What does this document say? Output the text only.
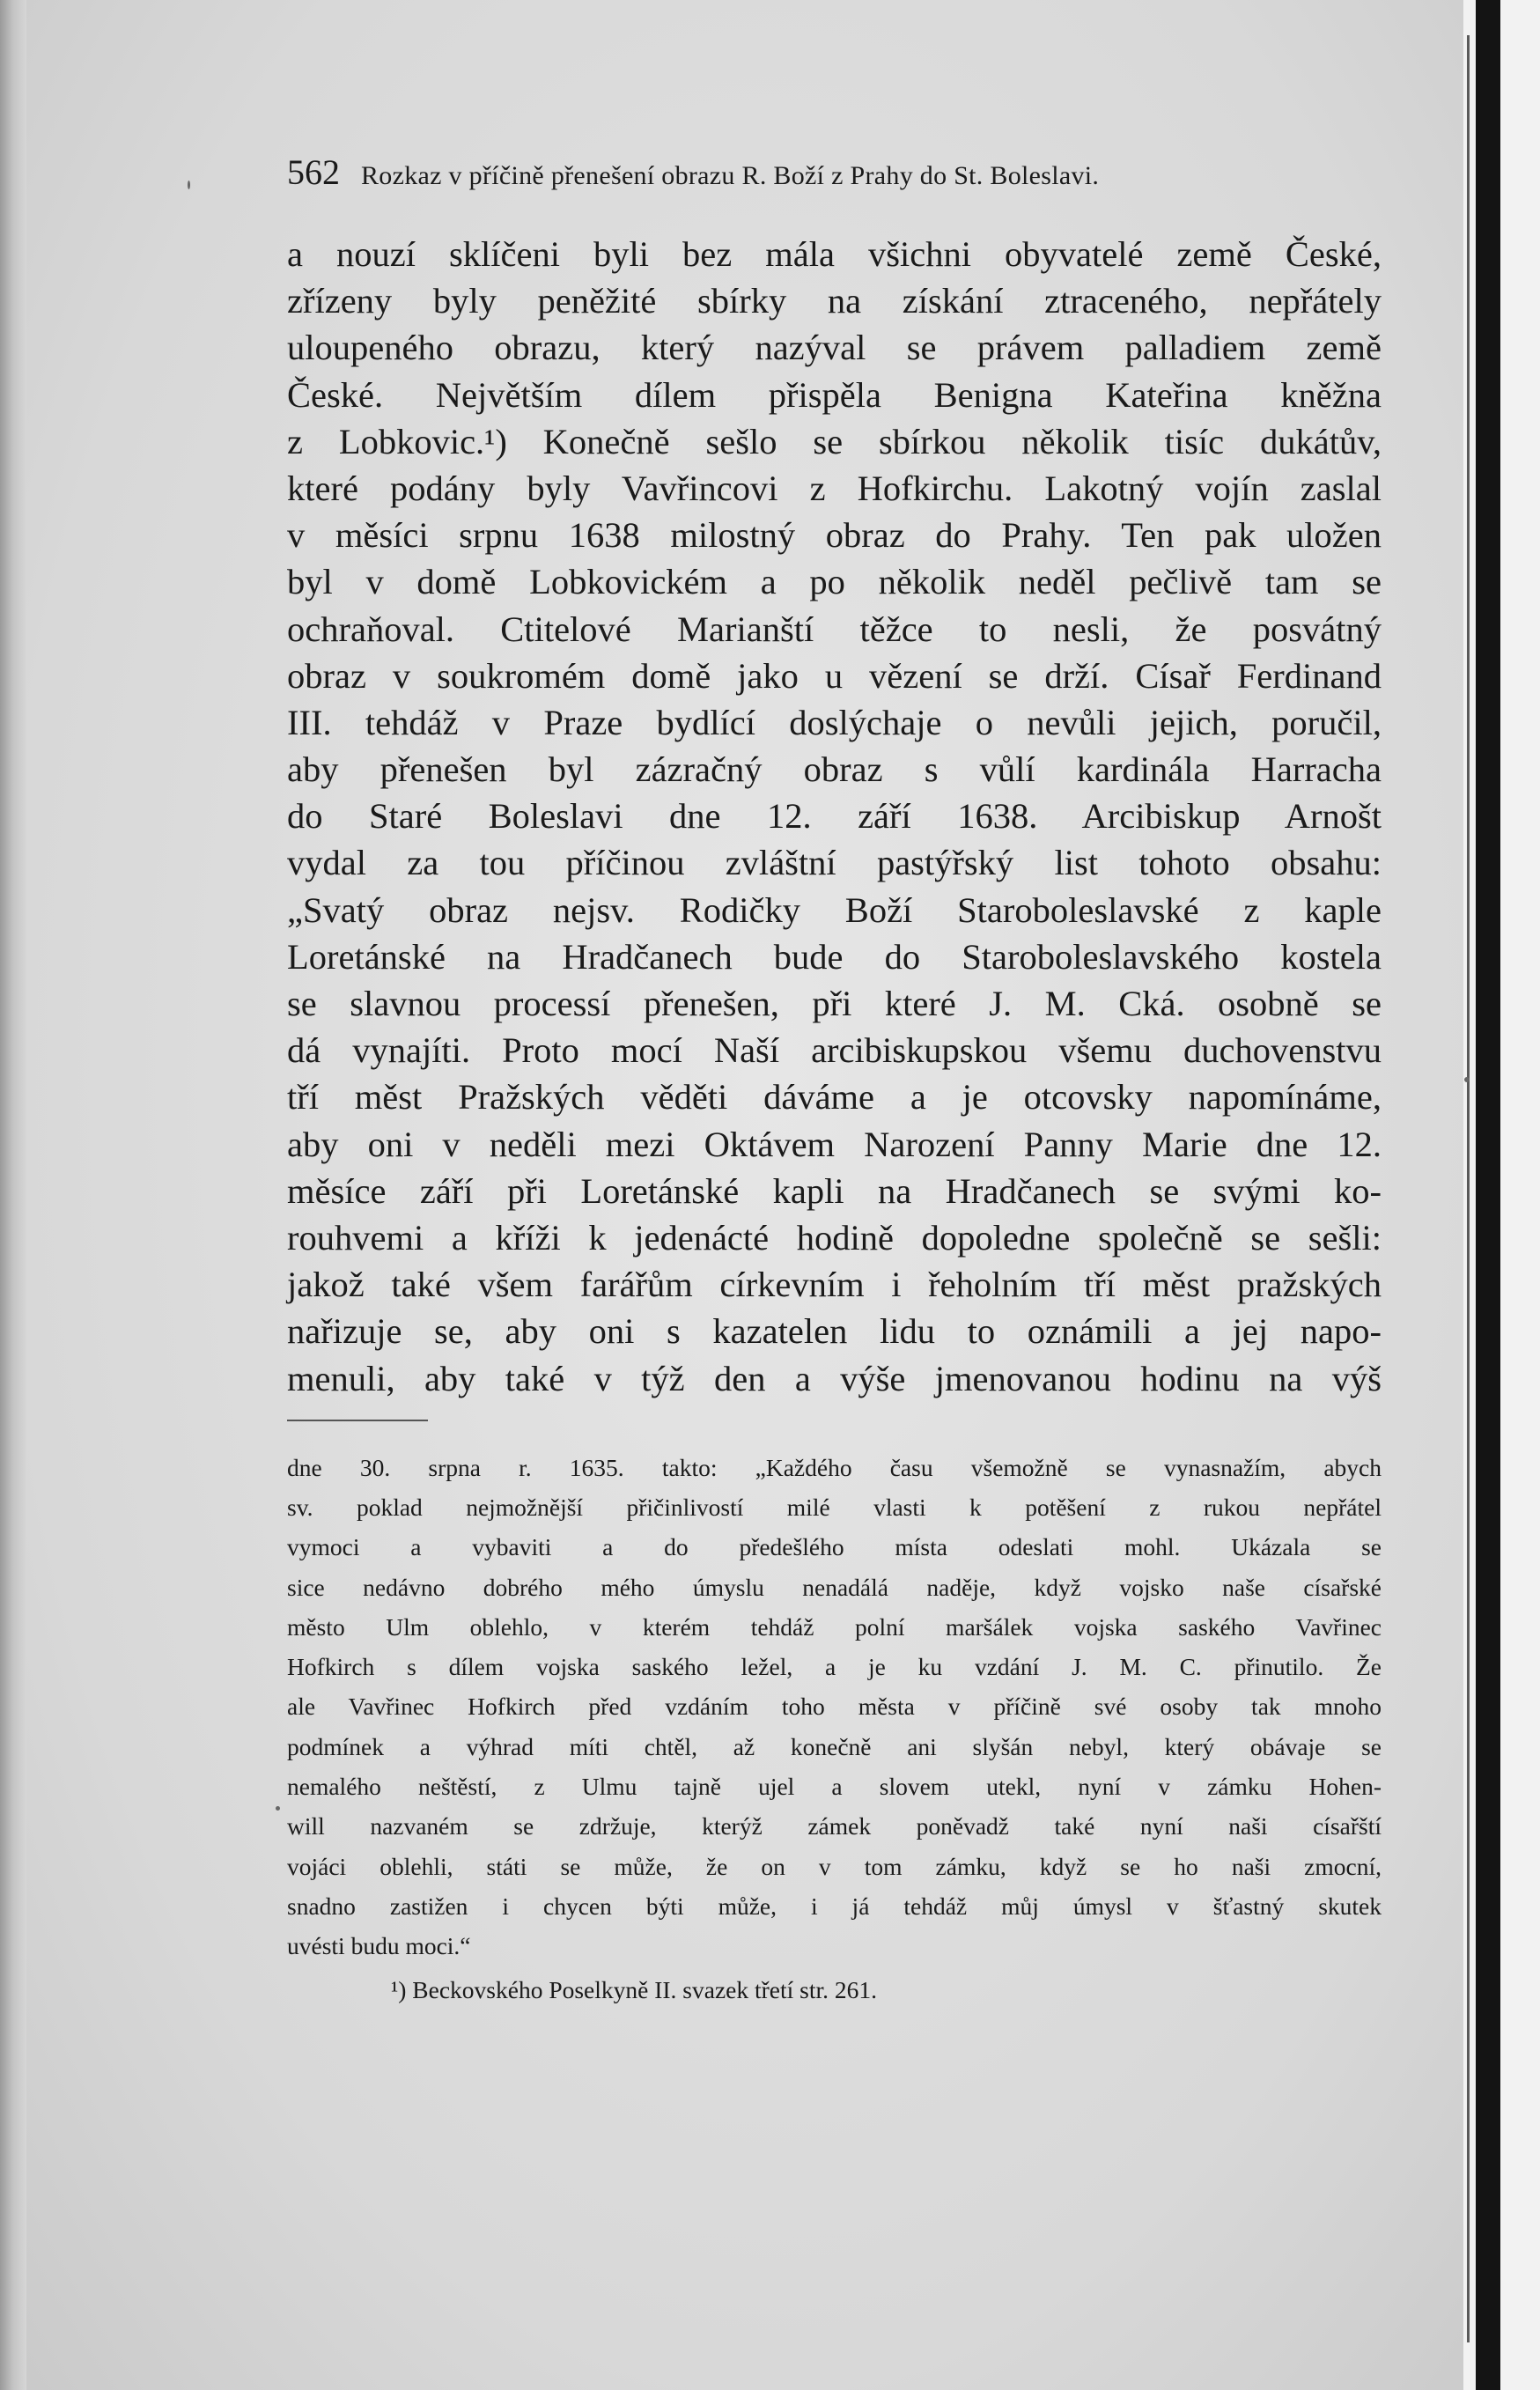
562 Rozkaz v příčině přenešení obrazu R. Boží z Prahy do St. Boleslavi.
a nouzí sklíčeni byli bez mála všichni obyvatelé země České,
zřízeny byly peněžité sbírky na získání ztraceného, nepřátely
uloupeného obrazu, který nazýval se právem palladiem země
České. Největším dílem přispěla Benigna Kateřina kněžna
z Lobkovic.¹) Konečně sešlo se sbírkou několik tisíc dukátův,
které podány byly Vavřincovi z Hofkirchu. Lakotný vojín zaslal
v měsíci srpnu 1638 milostný obraz do Prahy. Ten pak uložen
byl v domě Lobkovickém a po několik neděl pečlivě tam se
ochraňoval. Ctitelové Marianští těžce to nesli, že posvátný
obraz v soukromém domě jako u vězení se drží. Císař Ferdinand
III. tehdáž v Praze bydlící doslýchaje o nevůli jejich, poručil,
aby přenešen byl zázračný obraz s vůlí kardinála Harracha
do Staré Boleslavi dne 12. září 1638. Arcibiskup Arnošt
vydal za tou příčinou zvláštní pastýřský list tohoto obsahu:
„Svatý obraz nejsv. Rodičky Boží Staroboleslavské z kaple
Loretánské na Hradčanech bude do Staroboleslavského kostela
se slavnou processí přenešen, při které J. M. Cká. osobně se
dá vynajíti. Proto mocí Naší arcibiskupskou všemu duchovenstvu
tří měst Pražských věděti dáváme a je otcovsky napomínáme,
aby oni v neděli mezi Oktávem Narození Panny Marie dne 12.
měsíce září při Loretánské kapli na Hradčanech se svými ko-
rouhvemi a kříži k jedenácté hodině dopoledne společně se sešli:
jakož také všem farářům církevním i řeholním tří měst pražských
nařizuje se, aby oni s kazatelen lidu to oznámili a jej napo-
menuli, aby také v týž den a výše jmenovanou hodinu na výš
dne 30. srpna r. 1635. takto: „Každého času všemožně se vynasnažím, abych
sv. poklad nejmožnější přičinlivostí milé vlasti k potěšení z rukou nepřátel
vymoci a vybaviti a do předešlého místa odeslati mohl. Ukázala se
sice nedávno dobrého mého úmyslu nenadálá naděje, když vojsko naše císařské
město Ulm oblehlo, v kterém tehdáž polní maršálek vojska saského Vavřinec
Hofkirch s dílem vojska saského ležel, a je ku vzdání J. M. C. přinutilo. Že
ale Vavřinec Hofkirch před vzdáním toho města v příčině své osoby tak mnoho
podmínek a výhrad míti chtěl, až konečně ani slyšán nebyl, který obávaje se
nemalého neštěstí, z Ulmu tajně ujel a slovem utekl, nyní v zámku Hohen-
will nazvaném se zdržuje, kterýž zámek poněvadž také nyní naši císařští
vojáci oblehli, státi se může, že on v tom zámku, když se ho naši zmocní,
snadno zastižen i chycen býti může, i já tehdáž můj úmysl v šťastný skutek
uvésti budu moci.“
¹) Beckovského Poselkyně II. svazek třetí str. 261.
